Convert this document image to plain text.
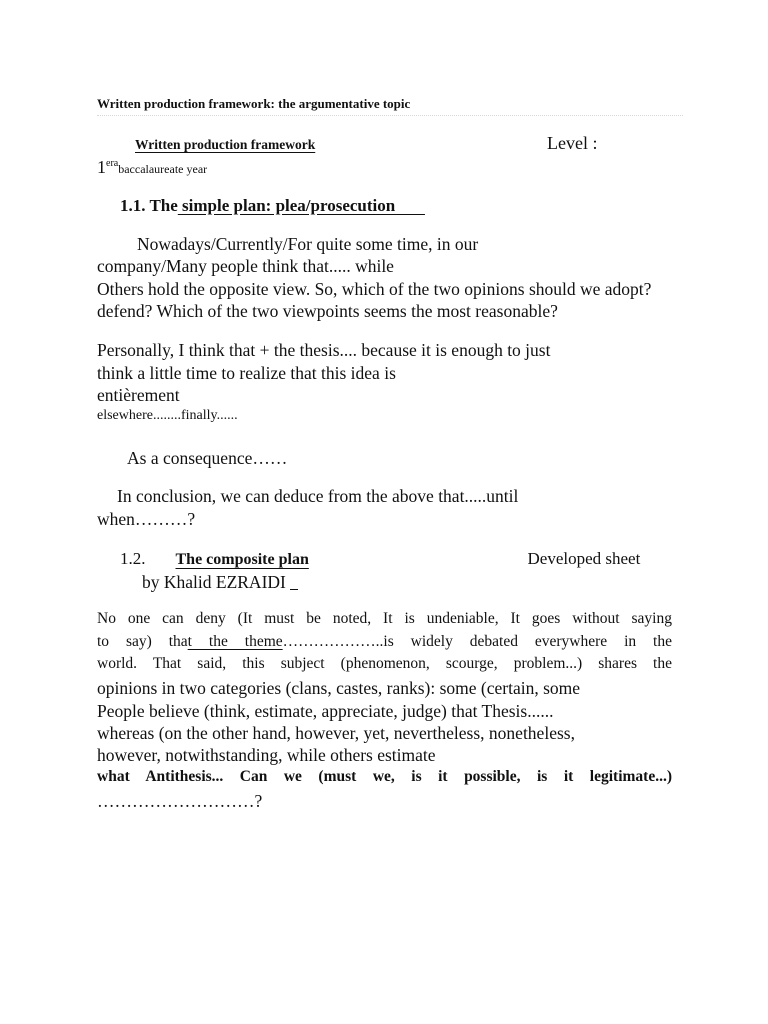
Written production framework: the argumentative topic
Written production framework	Level :
$1^{era}baccalaureate$ year
1.1. The simple plan: plea/prosecution
Nowadays/Currently/For quite some time, in our
company/Many people think that..... while
Others hold the opposite view. So, which of the two opinions should we adopt?
defend? Which of the two viewpoints seems the most reasonable?
Personally, I think that + the thesis.... because it is enough to just
think a little time to realize that this idea is
entièrement
elsewhere........finally......
As a consequence……
In conclusion, we can deduce from the above that.....until
when………?
1.2. The composite plan	Developed sheet
by Khalid EZRAIDI
No one can deny (It must be noted, It is undeniable, It goes without saying
to say) that the theme………………..is widely debated everywhere in the
world. That said, this subject (phenomenon, scourge, problem...) shares the
opinions in two categories (clans, castes, ranks): some (certain, some
People believe (think, estimate, appreciate, judge) that Thesis......
whereas (on the other hand, however, yet, nevertheless, nonetheless,
however, notwithstanding, while others estimate
what Antithesis... Can we (must we, is it possible, is it legitimate...)
………………………?
